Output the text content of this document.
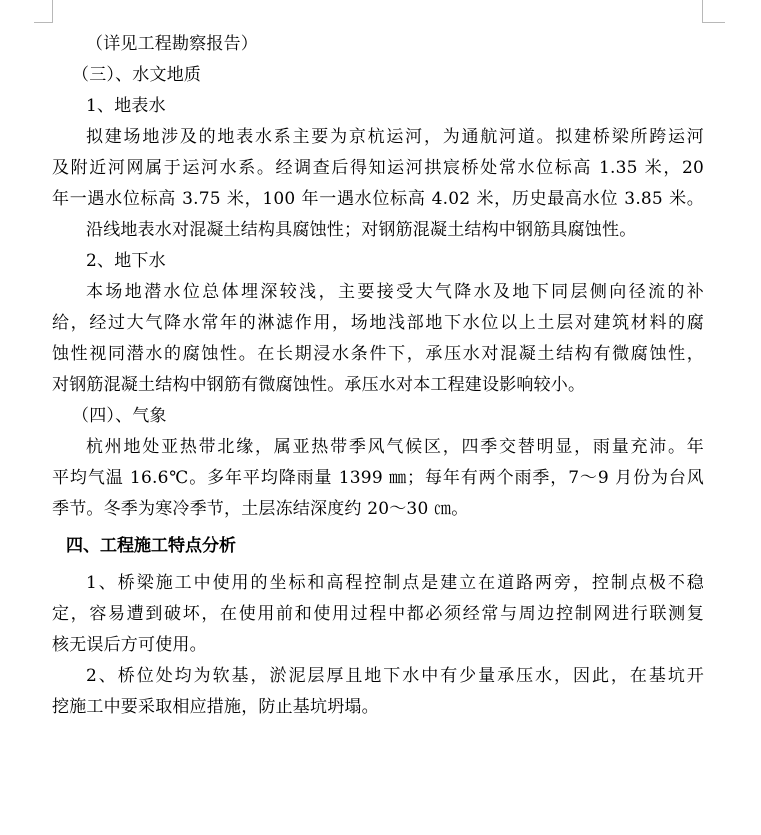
（详见工程勘察报告）
（三）、水文地质
1、地表水
拟建场地涉及的地表水系主要为京杭运河，为通航河道。拟建桥梁所跨运河
及附近河网属于运河水系。经调查后得知运河拱宸桥处常水位标高 1.35 米，20
年一遇水位标高 3.75 米，100 年一遇水位标高 4.02 米，历史最高水位 3.85 米。
沿线地表水对混凝土结构具腐蚀性；对钢筋混凝土结构中钢筋具腐蚀性。
2、地下水
本场地潜水位总体埋深较浅，主要接受大气降水及地下同层侧向径流的补
给，经过大气降水常年的淋滤作用，场地浅部地下水位以上土层对建筑材料的腐
蚀性视同潜水的腐蚀性。在长期浸水条件下，承压水对混凝土结构有微腐蚀性，
对钢筋混凝土结构中钢筋有微腐蚀性。承压水对本工程建设影响较小。
（四）、气象
杭州地处亚热带北缘，属亚热带季风气候区，四季交替明显，雨量充沛。年
平均气温 16.6℃。多年平均降雨量 1399 ㎜；每年有两个雨季，7～9 月份为台风
季节。冬季为寒冷季节，土层冻结深度约 20～30 ㎝。
四、工程施工特点分析
1、桥梁施工中使用的坐标和高程控制点是建立在道路两旁，控制点极不稳
定，容易遭到破坏，在使用前和使用过程中都必须经常与周边控制网进行联测复
核无误后方可使用。
2、桥位处均为软基，淤泥层厚且地下水中有少量承压水，因此，在基坑开
挖施工中要采取相应措施，防止基坑坍塌。
